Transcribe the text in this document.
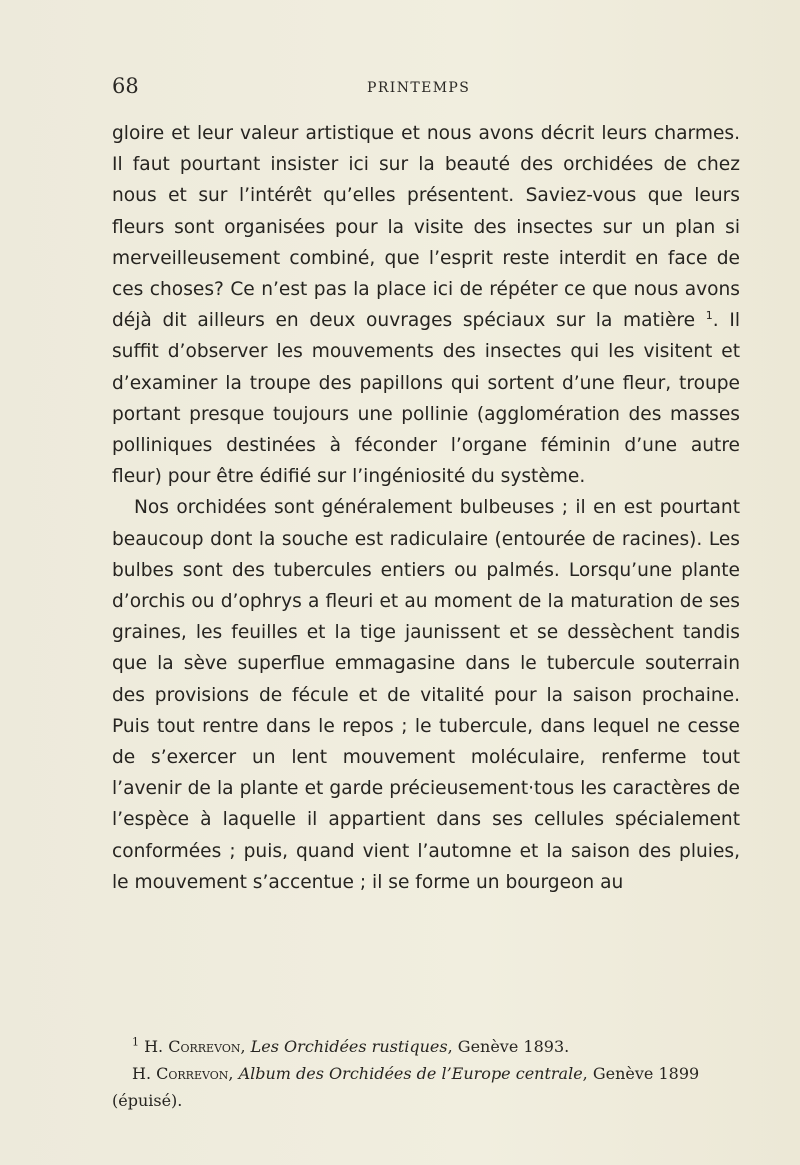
68	PRINTEMPS

gloire et leur valeur artistique et nous avons décrit leurs charmes. Il faut pourtant insister ici sur la beauté des orchidées de chez nous et sur l’intérêt qu’elles présentent. Saviez-vous que leurs fleurs sont organisées pour la visite des insectes sur un plan si merveilleusement combiné, que l’esprit reste interdit en face de ces choses? Ce n’est pas la place ici de répéter ce que nous avons déjà dit ailleurs en deux ouvrages spéciaux sur la matière $^1$. Il suffit d’observer les mouvements des insectes qui les visitent et d’examiner la troupe des papillons qui sortent d’une fleur, troupe portant presque toujours une pollinie (agglomération des masses polliniques destinées à féconder l’organe féminin d’une autre fleur) pour être édifié sur l’ingéniosité du système.

Nos orchidées sont généralement bulbeuses ; il en est pourtant beaucoup dont la souche est radiculaire (entourée de racines). Les bulbes sont des tubercules entiers ou palmés. Lorsqu’une plante d’orchis ou d’ophrys a fleuri et au moment de la maturation de ses graines, les feuilles et la tige jaunissent et se dessèchent tandis que la sève superflue emmagasine dans le tubercule souterrain des provisions de fécule et de vitalité pour la saison prochaine. Puis tout rentre dans le repos ; le tubercule, dans lequel ne cesse de s’exercer un lent mouvement moléculaire, renferme tout l’avenir de la plante et garde précieusement·tous les caractères de l’espèce à laquelle il appartient dans ses cellules spécialement conformées ; puis, quand vient l’automne et la saison des pluies, le mouvement s’accentue ; il se forme un bourgeon au

$^1$ H. Correvon, Les Orchidées rustiques, Genève 1893.

H. Correvon, Album des Orchidées de l’Europe centrale, Genève 1899 (épuisé).
